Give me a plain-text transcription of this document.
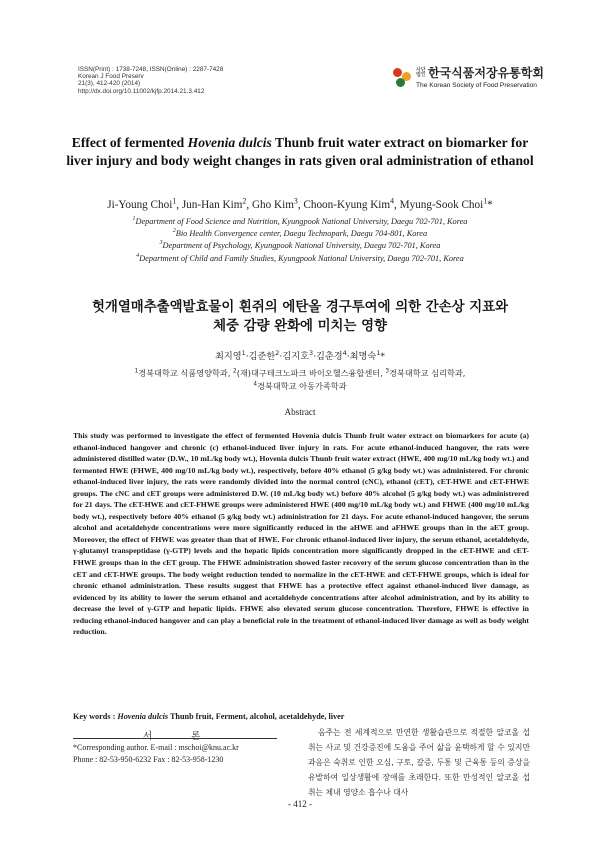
ISSN(Print) : 1738-7248, ISSN(Online) : 2287-7428
Korean J Food Preserv
21(3), 412-420 (2014)
http://dx.doi.org/10.11002/kjfp.2014.21.3.412
사단 법인 한국식품저장유통학회
The Korean Society of Food Preservation
Effect of fermented Hovenia dulcis Thunb fruit water extract on biomarker for liver injury and body weight changes in rats given oral administration of ethanol
Ji-Young Choi$^1$, Jun-Han Kim$^2$, Gho Kim$^3$, Choon-Kyung Kim$^4$, Myung-Sook Choi$^1$*
$^1$Department of Food Science and Nutrition, Kyungpook National University, Daegu 702-701, Korea
$^2$Bio Health Convergence center, Daegu Technopark, Daegu 704-801, Korea
$^3$Department of Psychology, Kyungpook National University, Daegu 702-701, Korea
$^4$Department of Child and Family Studies, Kyungpook National University, Daegu 702-701, Korea
헛개열매추출액발효물이 흰쥐의 에탄올 경구투여에 의한 간손상 지표와
체중 감량 완화에 미치는 영향
최지영$^1$·김준한$^2$·김지호$^3$·김춘경$^4$·최명숙$^1$*
$^1$경북대학교 식품영양학과, $^2$(재)대구테크노파크 바이오헬스융합센터, $^3$경북대학교 심리학과,
$^4$경북대학교 아동가족학과
Abstract
This study was performed to investigate the effect of fermented Hovenia dulcis Thunb fruit water extract on biomarkers for acute (a) ethanol-induced hangover and chronic (c) ethanol-induced liver injury in rats. For acute ethanol-induced hangover, the rats were administered distilled water (D.W., 10 mL/kg body wt.), Hovenia dulcis Thunb fruit water extract (HWE, 400 mg/10 mL/kg body wt.) and fermented HWE (FHWE, 400 mg/10 mL/kg body wt.), respectively, before 40% ethanol (5 g/kg body wt.) was administered. For chronic ethanol-induced liver injury, the rats were randomly divided into the normal control (cNC), ethanol (cET), cET-HWE and cET-FHWE groups. The cNC and cET groups were administered D.W. (10 mL/kg body wt.) before 40% alcohol (5 g/kg body wt.) was administrered for 21 days. The cET-HWE and cET-FHWE groups were administered HWE (400 mg/10 mL/kg body wt.) and FHWE (400 mg/10 mL/kg body wt.), respectively before 40% ethanol (5 g/kg body wt.) administration for 21 days. For acute ethanol-induced hangover, the serum alcohol and acetaldehyde concentrations were more significantly reduced in the aHWE and aFHWE groups than in the aET group. Moreover, the effect of FHWE was greater than that of HWE. For chronic ethanol-induced liver injury, the serum ethanol, acetaldehyde, γ-glutamyl transpeptidase (γ-GTP) levels and the hepatic lipids concentration more significantly dropped in the cET-HWE and cET-FHWE groups than in the cET group. The FHWE administration showed faster recovery of the serum glucose concentration than in the cET and cET-HWE groups. The body weight reduction tended to normalize in the cET-HWE and cET-FHWE groups, which is ideal for chronic ethanol administration. These results suggest that FHWE has a protective effect against ethanol-induced liver damage, as evidenced by its ability to lower the serum ethanol and acetaldehyde concentrations after alcohol administration, and by its ability to decrease the level of γ-GTP and hepatic lipids. FHWE also elevated serum glucose concentration. Therefore, FHWE is effective in reducing ethanol-induced hangover and can play a beneficial role in the treatment of ethanol-induced liver damage as well as body weight reduction.
Key words : Hovenia dulcis Thunb fruit, Ferment, alcohol, acetaldehyde, liver
서 론	음주는 전 세계적으로 만연한 생활습관으로 적절한 알코올 섭취는 사교 및 건강증진에 도움을 주어 삶을 윤택하게 할 수 있지만 과음은 숙취로 인한 오심, 구토, 갈증, 두통 및 근육통 등의 증상을 유발하여 일상생활에 장애를 초래한다. 또한 만성적인 알코올 섭취는 체내 영양소 흡수나 대사

*Corresponding author. E-mail : mschoi@knu.ac.kr
Phone : 82-53-950-6232 Fax : 82-53-958-1230
- 412 -
